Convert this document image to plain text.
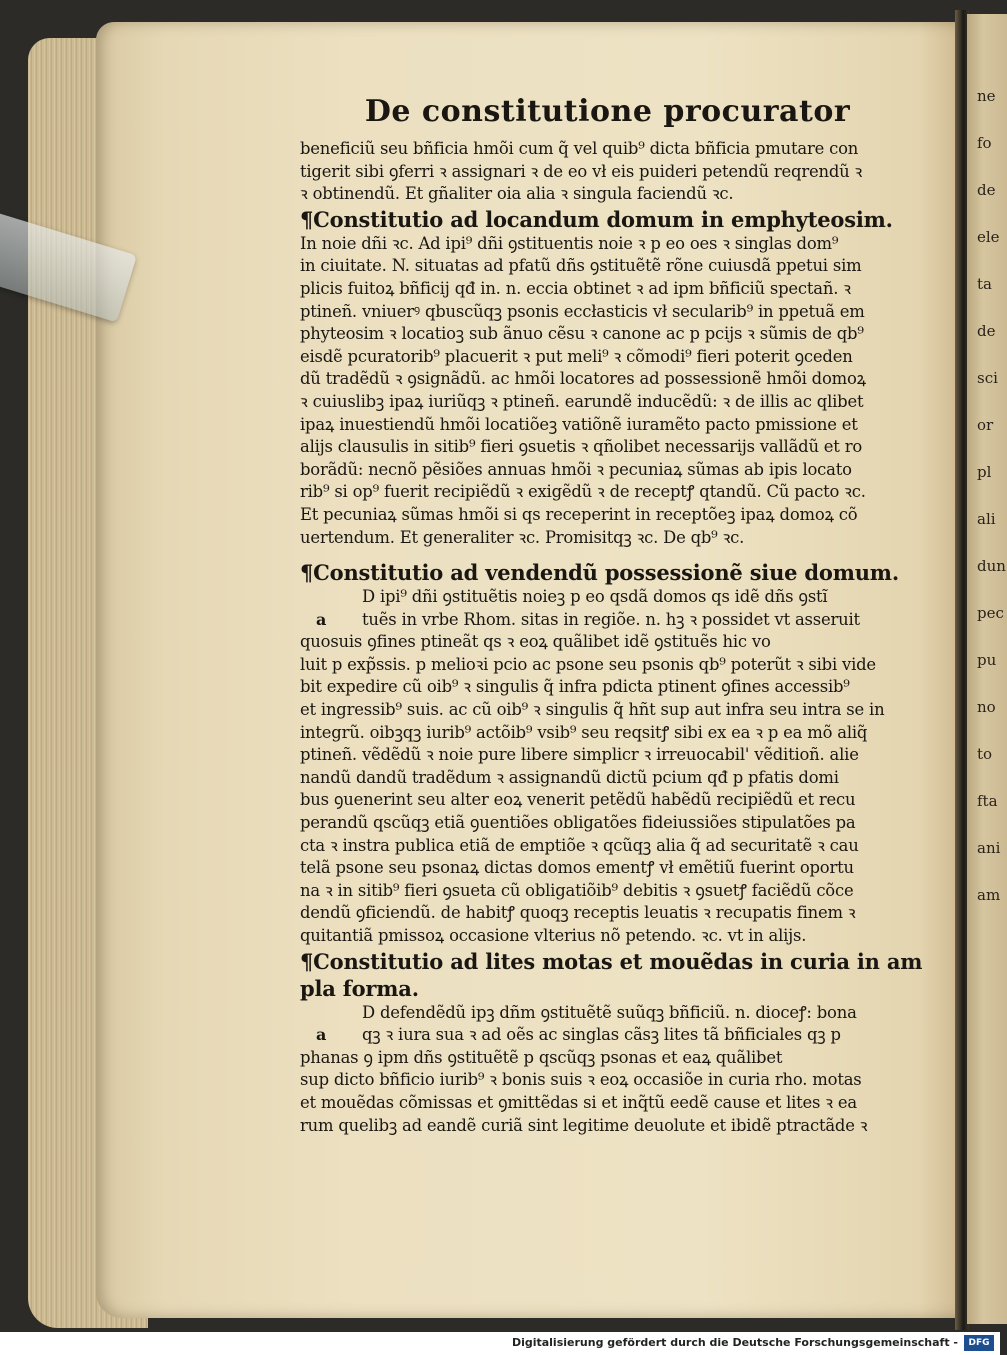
ne
fo
de
ele
ta
de
sci
or
pl
ali
dun
pec
pu
no
to
fta
ani
am
De constitutione procurator
beneficiũ seu bñficia hmõi cum q̃ vel quib⁹ dicta bñficia pmutare con
tigerit sibi ꝯferri ꝛ assignari ꝛ de eo vł eis puideri petendũ reqrendũ ꝛ
ꝛ obtinendũ. Et gñaliter oia alia ꝛ singula faciendũ ꝛc.
¶Constitutio ad locandum domum in emphyteosim.
In noie dñi ꝛc. Ad ipi⁹ dñi ꝯstituentis noie ꝛ p eo oes ꝛ singlas dom⁹
in ciuitate. N. situatas ad pfatũ dñs ꝯstituẽtẽ rõne cuiusdã ppetui sim
plicis fuitoꝝ bñficij qđ in. n. eccia obtinet ꝛ ad ipm bñficiũ spectañ. ꝛ
ptineñ. vniuerꝰ qbuscũqꝫ psonis eccłasticis vł secularib⁹ in ppetuã em
phyteosim ꝛ locatioꝫ sub ãnuo cẽsu ꝛ canone ac p pcijs ꝛ sũmis de qb⁹
eisdẽ pcuratorib⁹ placuerit ꝛ put meli⁹ ꝛ cõmodi⁹ fieri poterit ꝯceden
dũ tradẽdũ ꝛ ꝯsignãdũ. ac hmõi locatores ad possessionẽ hmõi domoꝝ
ꝛ cuiuslibꝫ ipaꝝ iuriũqꝫ ꝛ ptineñ. earundẽ inducẽdũ: ꝛ de illis ac qlibet
ipaꝝ inuestiendũ hmõi locatiõeꝫ vatiõnẽ iuramẽto pacto pmissione et
alijs clausulis in sitib⁹ fieri ꝯsuetis ꝛ qñolibet necessarijs vallãdũ et ro
borãdũ: necnõ pẽsiões annuas hmõi ꝛ pecuniaꝝ sũmas ab ipis locato
rib⁹ si op⁹ fuerit recipiẽdũ ꝛ exigẽdũ ꝛ de receptꝭ qtandũ. Cũ pacto ꝛc.
Et pecuniaꝝ sũmas hmõi si qs receperint in receptõeꝫ ipaꝝ domoꝝ cõ
uertendum. Et generaliter ꝛc. Promisitqꝫ ꝛc. De qb⁹ ꝛc.
¶Constitutio ad vendendũ possessionẽ siue domum.
D ipi⁹ dñi ꝯstituẽtis noieꝫ p eo qsdã domos qs idẽ dñs ꝯstĩ
a tuẽs in vrbe Rhom. sitas in regiõe. n. hꝫ ꝛ possidet vt asseruit
quosuis ꝯfines ptineãt qs ꝛ eoꝝ quãlibet idẽ ꝯstituẽs hic vo
luit p exp̃ssis. p melioꝛi pcio ac psone seu psonis qb⁹ poterũt ꝛ sibi vide
bit expedire cũ oib⁹ ꝛ singulis q̃ infra pdicta ptinent ꝯfines accessib⁹
et ingressib⁹ suis. ac cũ oib⁹ ꝛ singulis q̃ hñt sup aut infra seu intra se in
integrũ. oibꝫqꝫ iurib⁹ actõib⁹ vsib⁹ seu reqsitꝭ sibi ex ea ꝛ p ea mõ aliq̃
ptineñ. vẽdẽdũ ꝛ noie pure libere simplicr ꝛ irreuocabil' vẽditioñ. alie
nandũ dandũ tradẽdum ꝛ assignandũ dictũ pcium qđ p pfatis domi
bus ꝯuenerint seu alter eoꝝ venerit petẽdũ habẽdũ recipiẽdũ et recu
perandũ qscũqꝫ etiã ꝯuentiões obligatões fideiussiões stipulatões pa
cta ꝛ instra publica etiã de emptiõe ꝛ qcũqꝫ alia q̃ ad securitatẽ ꝛ cau
telã psone seu psonaꝝ dictas domos ementꝭ vł emẽtiũ fuerint oportu
na ꝛ in sitib⁹ fieri ꝯsueta cũ obligatiõib⁹ debitis ꝛ ꝯsuetꝭ faciẽdũ cõce
dendũ ꝯficiendũ. de habitꝭ quoqꝫ receptis leuatis ꝛ recupatis finem ꝛ
quitantiã pmissoꝝ occasione vlterius nõ petendo. ꝛc. vt in alijs.
¶Constitutio ad lites motas et mouẽdas in curia in am
pla forma.
D defendẽdũ ipꝫ dñm ꝯstituẽtẽ suũqꝫ bñficiũ. n. dioceꝭ: bona
a qꝫ ꝛ iura sua ꝛ ad oẽs ac singlas cãsꝫ lites tã bñficiales qꝫ p
phanas ꝯ ipm dñs ꝯstituẽtẽ p qscũqꝫ psonas et eaꝝ quãlibet
sup dicto bñficio iurib⁹ ꝛ bonis suis ꝛ eoꝝ occasiõe in curia rho. motas
et mouẽdas cõmissas et ꝯmittẽdas si et inq̃tũ eedẽ cause et lites ꝛ ea
rum quelibꝫ ad eandẽ curiã sint legitime deuolute et ibidẽ ptractãde ꝛ
Digitalisierung gefördert durch die Deutsche Forschungsgemeinschaft -	DFG
